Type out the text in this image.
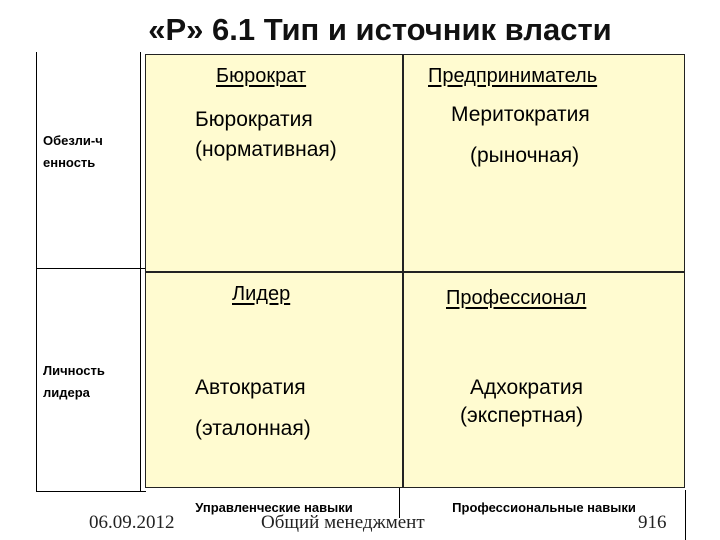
«Р» 6.1 Тип и источник власти
Обезли-ч
енность
Личность
лидера
Бюрократ
Бюрократия
(нормативная)
Предприниматель
Меритократия
(рыночная)
Лидер
Автократия
(эталонная)
Профессионал
Адхократия
(экспертная)
Управленческие навыки	Профессиональные навыки
06.09.2012	Общий менеджмент	916
